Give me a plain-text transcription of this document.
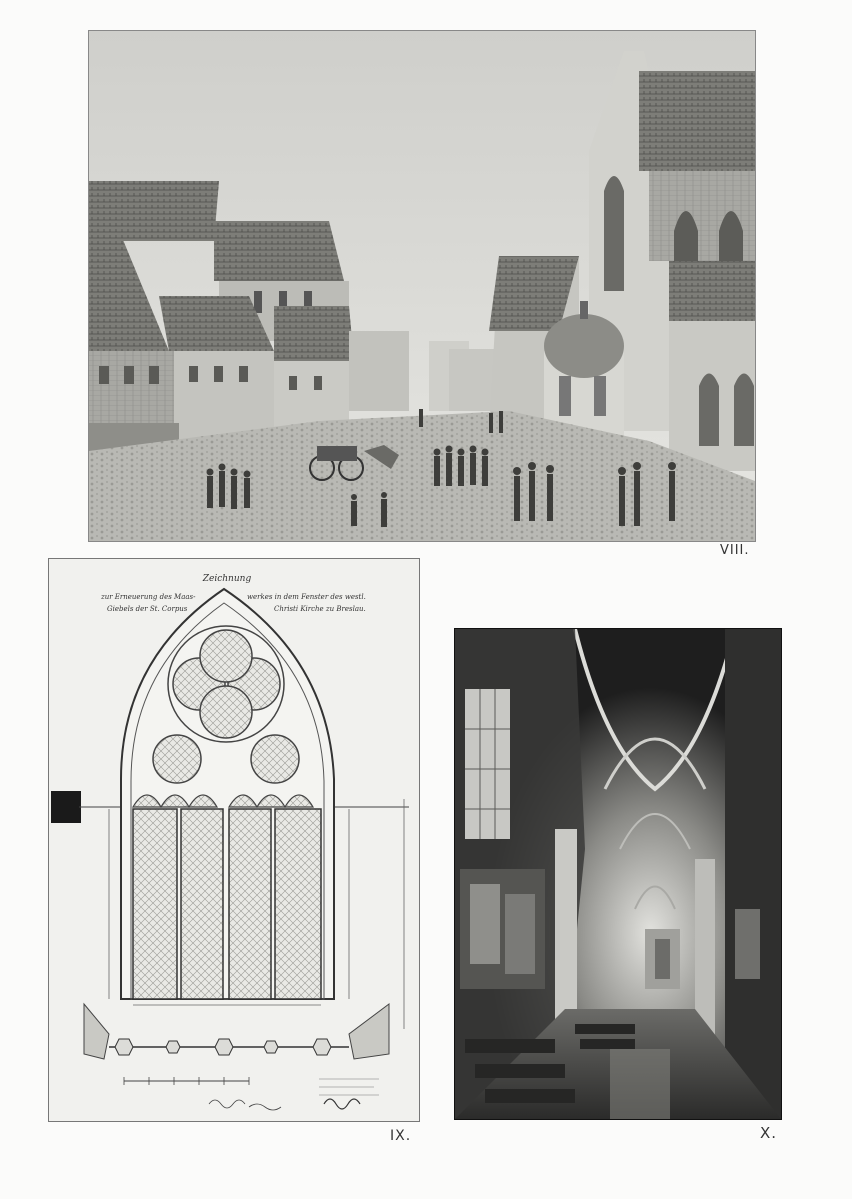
VIII.
Zeichnung
zur Erneuerung des Maas-	werkes in dem Fenster des westl.
Giebels der St. Corpus	Christi Kirche zu Breslau.
IX.	X.
